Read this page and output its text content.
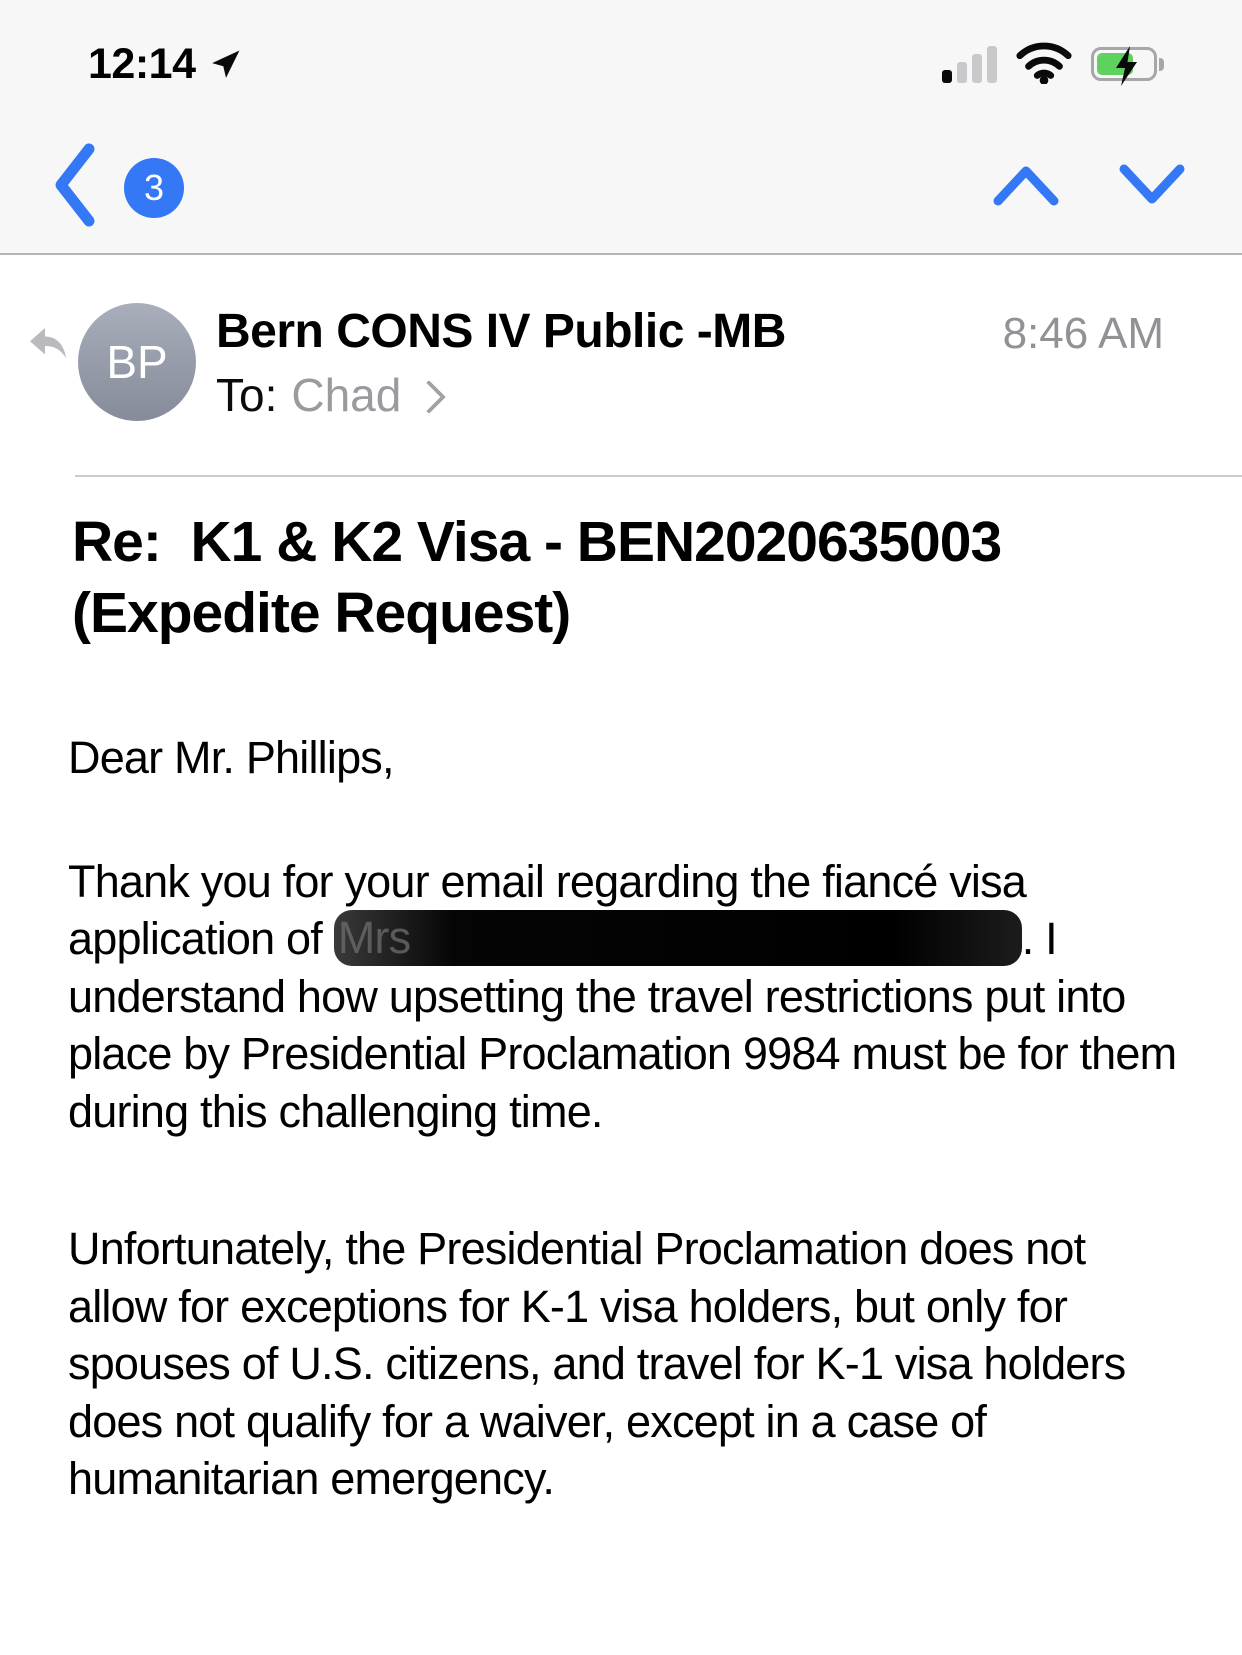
12:14
3
BP
Bern CONS IV Public -MB
To: Chad
8:46 AM
Re:  K1 & K2 Visa - BEN2020635003 (Expedite Request)

Dear Mr. Phillips,

Thank you for your email regarding the fiancé visa application of Mrs	. I understand how upsetting the travel restrictions put into place by Presidential Proclamation 9984 must be for them during this challenging time.

Unfortunately, the Presidential Proclamation does not allow for exceptions for K-1 visa holders, but only for spouses of U.S. citizens, and travel for K-1 visa holders does not qualify for a waiver, except in a case of humanitarian emergency.
